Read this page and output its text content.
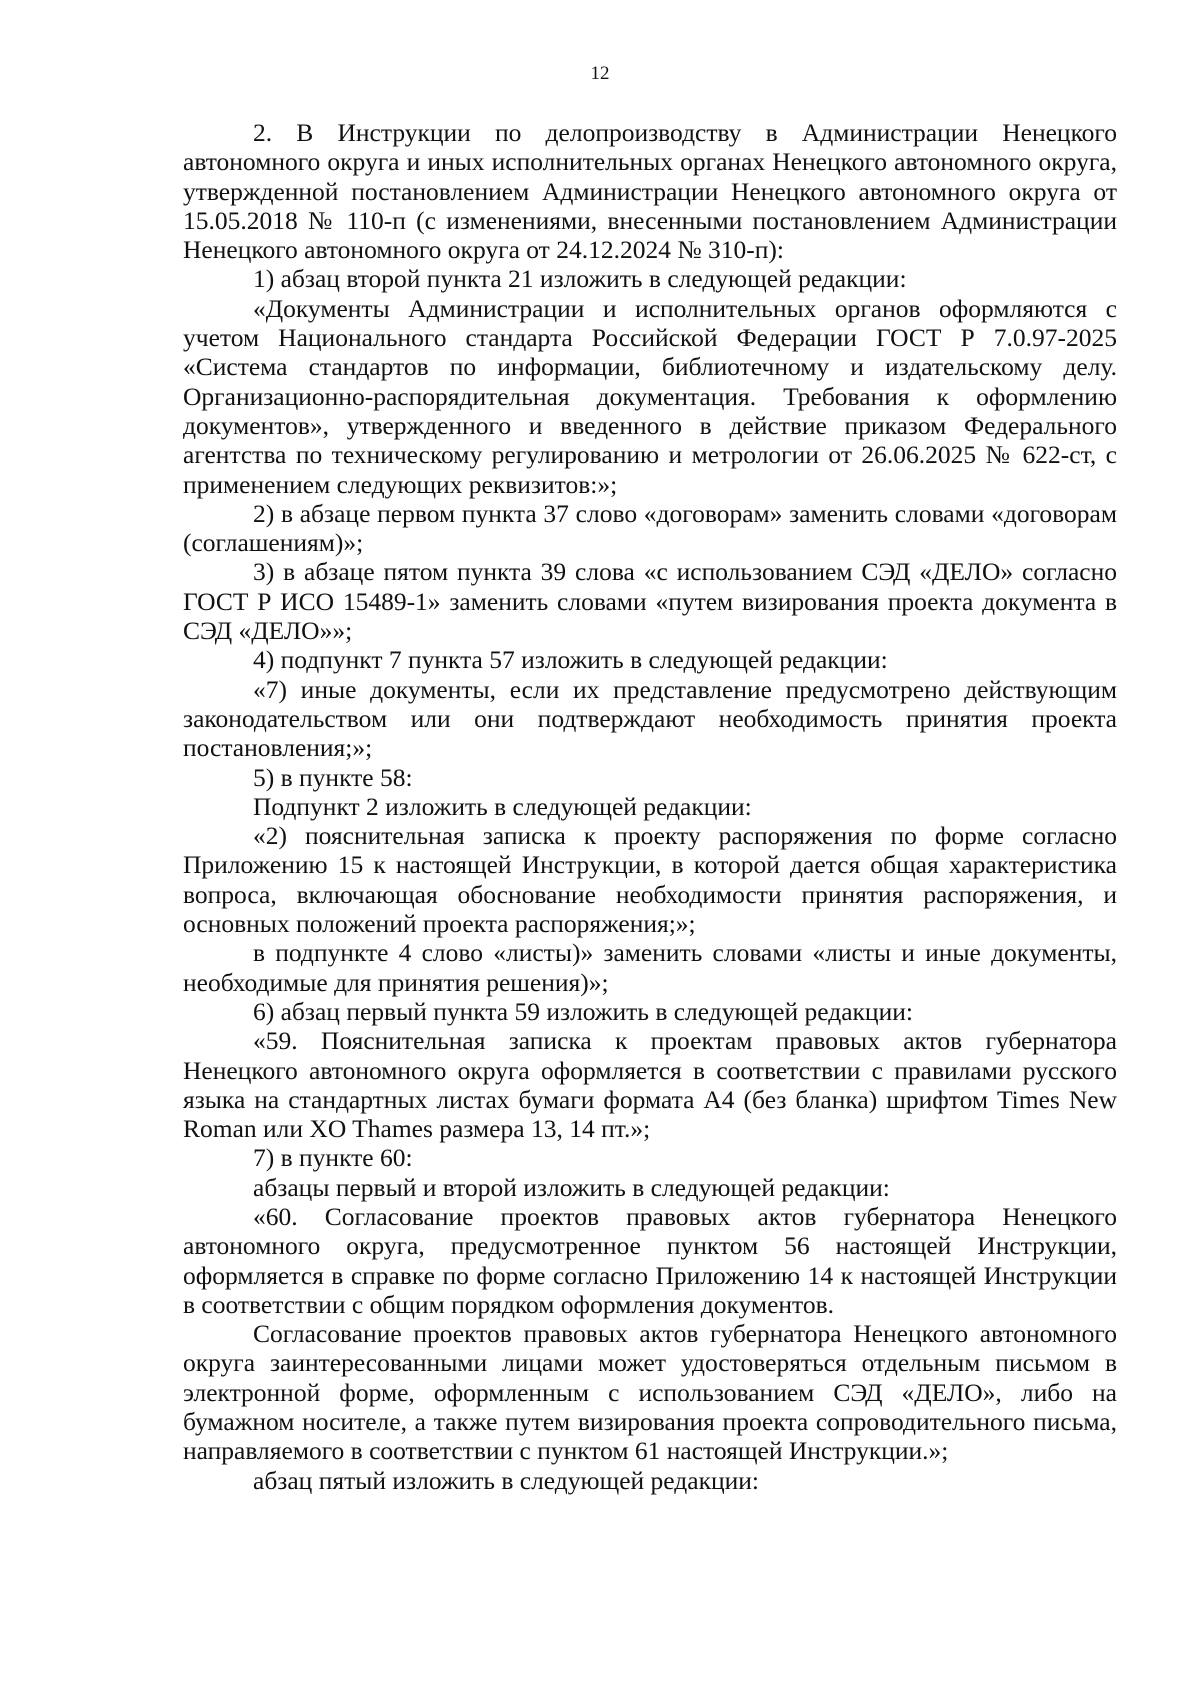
12

2. В Инструкции по делопроизводству в Администрации Ненецкого автономного округа и иных исполнительных органах Ненецкого автономного округа, утвержденной постановлением Администрации Ненецкого автономного округа от 15.05.2018 № 110-п (с изменениями, внесенными постановлением Администрации Ненецкого автономного округа от 24.12.2024 № 310-п):

1) абзац второй пункта 21 изложить в следующей редакции:

«Документы Администрации и исполнительных органов оформляются с учетом Национального стандарта Российской Федерации ГОСТ Р 7.0.97-2025 «Система стандартов по информации, библиотечному и издательскому делу. Организационно-распорядительная документация. Требования к оформлению документов», утвержденного и введенного в действие приказом Федерального агентства по техническому регулированию и метрологии от 26.06.2025 № 622-ст, с применением следующих реквизитов:»;

2) в абзаце первом пункта 37 слово «договорам» заменить словами «договорам (соглашениям)»;

3) в абзаце пятом пункта 39 слова «с использованием СЭД «ДЕЛО» согласно ГОСТ Р ИСО 15489-1» заменить словами «путем визирования проекта документа в СЭД «ДЕЛО»»;

4) подпункт 7 пункта 57 изложить в следующей редакции:

«7) иные документы, если их представление предусмотрено действующим законодательством или они подтверждают необходимость принятия проекта постановления;»;

5) в пункте 58:

Подпункт 2 изложить в следующей редакции:

«2) пояснительная записка к проекту распоряжения по форме согласно Приложению 15 к настоящей Инструкции, в которой дается общая характеристика вопроса, включающая обоснование необходимости принятия распоряжения, и основных положений проекта распоряжения;»;

в подпункте 4 слово «листы)» заменить словами «листы и иные документы, необходимые для принятия решения)»;

6) абзац первый пункта 59 изложить в следующей редакции:

«59. Пояснительная записка к проектам правовых актов губернатора Ненецкого автономного округа оформляется в соответствии с правилами русского языка на стандартных листах бумаги формата А4 (без бланка) шрифтом Times New Roman или XO Thames размера 13, 14 пт.»;

7) в пункте 60:

абзацы первый и второй изложить в следующей редакции:

«60. Согласование проектов правовых актов губернатора Ненецкого автономного округа, предусмотренное пунктом 56 настоящей Инструкции, оформляется в справке по форме согласно Приложению 14 к настоящей Инструкции в соответствии с общим порядком оформления документов.

Согласование проектов правовых актов губернатора Ненецкого автономного округа заинтересованными лицами может удостоверяться отдельным письмом в электронной форме, оформленным с использованием СЭД «ДЕЛО», либо на бумажном носителе, а также путем визирования проекта сопроводительного письма, направляемого в соответствии с пунктом 61 настоящей Инструкции.»;

абзац пятый изложить в следующей редакции:
